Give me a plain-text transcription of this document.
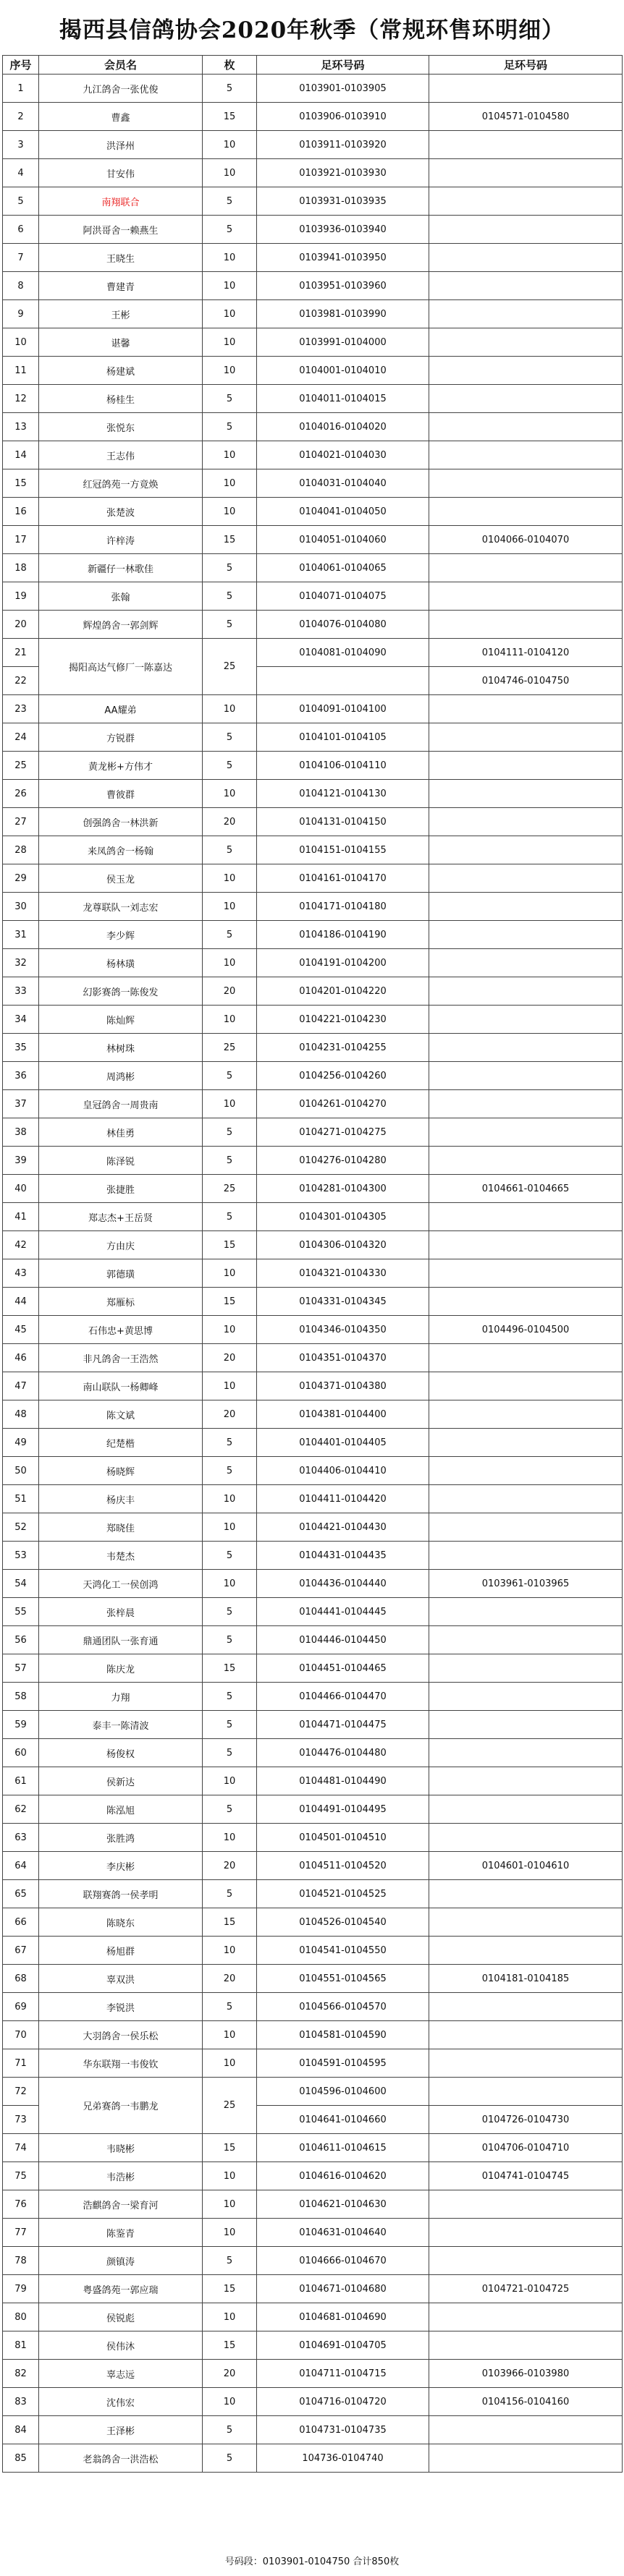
揭西县信鸽协会2020年秋季（常规环售环明细）
序号	会员名	枚	足环号码	足环号码
1	九江鸽舍一张优俊	5	0103901-0103905	
2	曹鑫	15	0103906-0103910	0104571-0104580
3	洪泽州	10	0103911-0103920	
4	甘安伟	10	0103921-0103930	
5	南翔联合	5	0103931-0103935	
6	阿洪哥舍一赖燕生	5	0103936-0103940	
7	王晓生	10	0103941-0103950	
8	曹建青	10	0103951-0103960	
9	王彬	10	0103981-0103990	
10	谌馨	10	0103991-0104000	
11	杨建斌	10	0104001-0104010	
12	杨桂生	5	0104011-0104015	
13	张悦东	5	0104016-0104020	
14	王志伟	10	0104021-0104030	
15	红冠鸽苑一方竟焕	10	0104031-0104040	
16	张楚波	10	0104041-0104050	
17	许梓涛	15	0104051-0104060	0104066-0104070
18	新疆仔一林歌佳	5	0104061-0104065	
19	张翰	5	0104071-0104075	
20	辉煌鸽舍一郭剑辉	5	0104076-0104080	
21	揭阳高达气修厂一陈嘉达	25	0104081-0104090	0104111-0104120
22				0104746-0104750
23	AA耀弟	10	0104091-0104100	
24	方锐群	5	0104101-0104105	
25	黄龙彬+方伟才	5	0104106-0104110	
26	曹彼群	10	0104121-0104130	
27	创强鸽舍一林洪新	20	0104131-0104150	
28	来凤鸽舍一杨翰	5	0104151-0104155	
29	侯玉龙	10	0104161-0104170	
30	龙尊联队一刘志宏	10	0104171-0104180	
31	李少辉	5	0104186-0104190	
32	杨林璜	10	0104191-0104200	
33	幻影赛鸽一陈俊发	20	0104201-0104220	
34	陈灿辉	10	0104221-0104230	
35	林树珠	25	0104231-0104255	
36	周鸿彬	5	0104256-0104260	
37	皇冠鸽舍一周贵南	10	0104261-0104270	
38	林佳勇	5	0104271-0104275	
39	陈泽锐	5	0104276-0104280	
40	张捷胜	25	0104281-0104300	0104661-0104665
41	郑志杰+王岳贤	5	0104301-0104305	
42	方由庆	15	0104306-0104320	
43	郭德璜	10	0104321-0104330	
44	郑雁标	15	0104331-0104345	
45	石伟忠+黄思博	10	0104346-0104350	0104496-0104500
46	非凡鸽舍一王浩然	20	0104351-0104370	
47	南山联队一杨卿峰	10	0104371-0104380	
48	陈文斌	20	0104381-0104400	
49	纪楚楷	5	0104401-0104405	
50	杨晓辉	5	0104406-0104410	
51	杨庆丰	10	0104411-0104420	
52	郑晓佳	10	0104421-0104430	
53	韦楚杰	5	0104431-0104435	
54	天鸿化工一侯创鸿	10	0104436-0104440	0103961-0103965
55	张梓晨	5	0104441-0104445	
56	鼎通团队一张育通	5	0104446-0104450	
57	陈庆龙	15	0104451-0104465	
58	力翔	5	0104466-0104470	
59	泰丰一陈清波	5	0104471-0104475	
60	杨俊权	5	0104476-0104480	
61	侯新达	10	0104481-0104490	
62	陈泓旭	5	0104491-0104495	
63	张胜鸿	10	0104501-0104510	
64	李庆彬	20	0104511-0104520	0104601-0104610
65	联翔赛鸽一侯孝明	5	0104521-0104525	
66	陈晓东	15	0104526-0104540	
67	杨旭群	10	0104541-0104550	
68	辜双洪	20	0104551-0104565	0104181-0104185
69	李锐洪	5	0104566-0104570	
70	大羽鸽舍一侯乐松	10	0104581-0104590	
71	华东联翔一韦俊钦	10	0104591-0104595	
72	兄弟赛鸽一韦鹏龙	25	0104596-0104600	
73			0104641-0104660	0104726-0104730
74	韦晓彬	15	0104611-0104615	0104706-0104710
75	韦浩彬	10	0104616-0104620	0104741-0104745
76	浩麒鸽舍一梁育河	10	0104621-0104630	
77	陈鉴青	10	0104631-0104640	
78	颜镇涛	5	0104666-0104670	
79	粤盛鸽苑一郭应瑞	15	0104671-0104680	0104721-0104725
80	侯锐彪	10	0104681-0104690	
81	侯伟沐	15	0104691-0104705	
82	辜志远	20	0104711-0104715	0103966-0103980
83	沈伟宏	10	0104716-0104720	0104156-0104160
84	王泽彬	5	0104731-0104735	
85	老翁鸽舍一洪浩松	5	104736-0104740	
号码段：0103901-0104750 合计850枚
